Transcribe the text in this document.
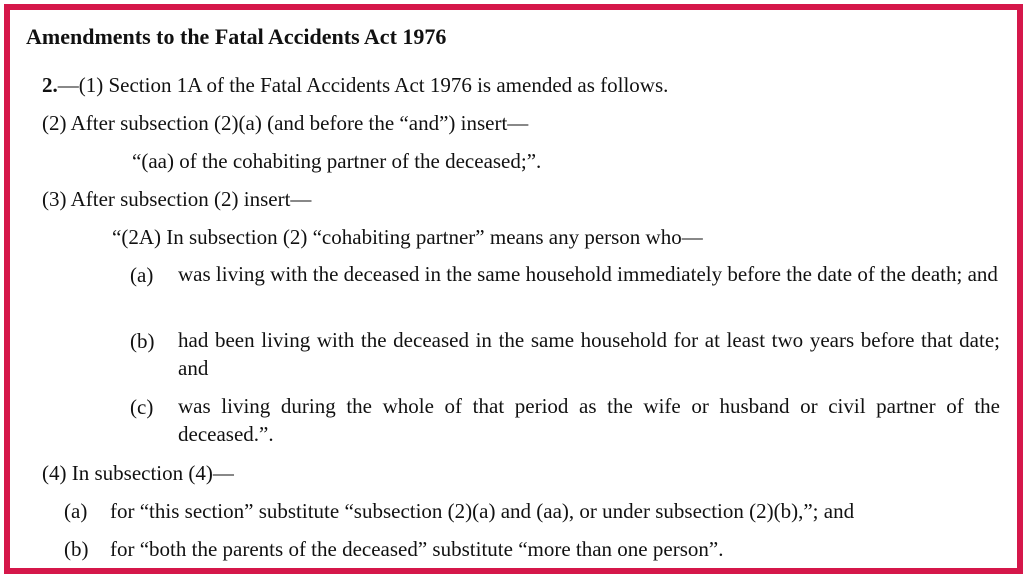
Amendments to the Fatal Accidents Act 1976
2.—(1) Section 1A of the Fatal Accidents Act 1976 is amended as follows.
(2) After subsection (2)(a) (and before the “and”) insert—
“(aa) of the cohabiting partner of the deceased;”.
(3) After subsection (2) insert—
“(2A) In subsection (2) “cohabiting partner” means any person who—
(a) was living with the deceased in the same household immediately before the date of the death; and
(b) had been living with the deceased in the same household for at least two years before that date; and
(c) was living during the whole of that period as the wife or husband or civil partner of the deceased.”.
(4) In subsection (4)—
(a) for “this section” substitute “subsection (2)(a) and (aa), or under subsection (2)(b),”; and
(b) for “both the parents of the deceased” substitute “more than one person”.
